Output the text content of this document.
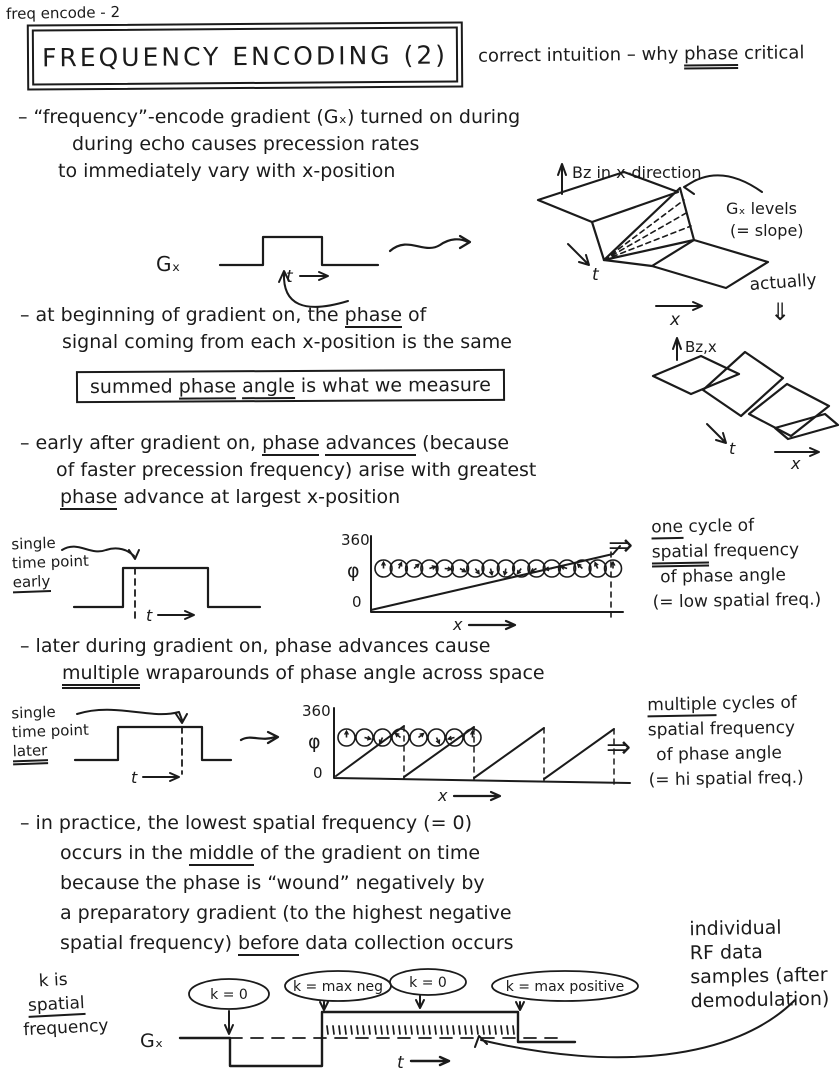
freq encode - 2
FREQUENCY ENCODING (2) correct intuition – why phase critical
– “frequency”-encode gradient (Gₓ) turned on during
during echo causes precession rates
to immediately vary with x-position
Gₓ
t
Bz in x-direction
t
x
Gₓ levels
(= slope)
actually
⇓
– at beginning of gradient on, the phase of
signal coming from each x-position is the same
summed phase angle is what we measure
Bz,x
t
x
– early after gradient on, phase advances (because
of faster precession frequency) arise with greatest
phase advance at largest x-position
single
time point
early
t
360
φ
0
x
⇒
one cycle of
spatial frequency
of phase angle
(= low spatial freq.)
– later during gradient on, phase advances cause
multiple wraparounds of phase angle across space
single
time point
later
t
360
φ
0
x
⇒
multiple cycles of
spatial frequency
of phase angle
(= hi spatial freq.)
– in practice, the lowest spatial frequency (= 0)
occurs in the middle of the gradient on time
because the phase is “wound” negatively by
a preparatory gradient (to the highest negative
spatial frequency) before data collection occurs
k is
spatial
frequency
Gₓ
k = 0	k = max neg k = 0	k = max positive
t
individual
RF data
samples (after
demodulation)
